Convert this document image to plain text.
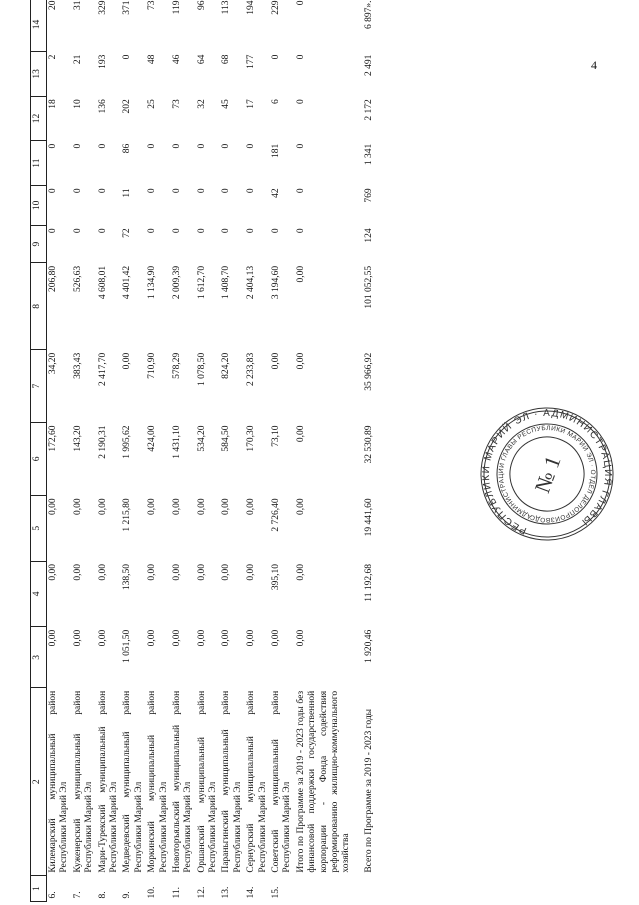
4
1	2	3	4	5	6	7	8	9	10	11	12	13	14
6.	Килемарский муниципальный район Республики Марий Эл	0,00	0,00	0,00	172,60	34,20	206,80	0	0	0	18	2	20
7.	Куженерский муниципальный район Республики Марий Эл	0,00	0,00	0,00	143,20	383,43	526,63	0	0	0	10	21	31
8.	Мари-Турекский муниципальный район Республики Марий Эл	0,00	0,00	0,00	2 190,31	2 417,70	4 608,01	0	0	0	136	193	329
9.	Медведевский муниципальный район Республики Марий Эл	1 051,50	138,50	1 215,80	1 995,62	0,00	4 401,42	72	11	86	202	0	371
10.	Моркинский муниципальный район Республики Марий Эл	0,00	0,00	0,00	424,00	710,90	1 134,90	0	0	0	25	48	73
11.	Новоторъяльский муниципальный район Республики Марий Эл	0,00	0,00	0,00	1 431,10	578,29	2 009,39	0	0	0	73	46	119
12.	Оршанский муниципальный район Республики Марий Эл	0,00	0,00	0,00	534,20	1 078,50	1 612,70	0	0	0	32	64	96
13.	Параньгинский муниципальный район Республики Марий Эл	0,00	0,00	0,00	584,50	824,20	1 408,70	0	0	0	45	68	113
14.	Сернурский муниципальный район Республики Марий Эл	0,00	0,00	0,00	170,30	2 233,83	2 404,13	0	0	0	17	177	194
15.	Советский муниципальный район Республики Марий Эл	0,00	395,10	2 726,40	73,10	0,00	3 194,60	0	42	181	6	0	229
	Итого по Программе за 2019 - 2023 годы без финансовой поддержки государственной корпорации - Фонда содействия реформированию жилищно-коммунального хозяйства	0,00	0,00	0,00	0,00	0,00	0,00	0	0	0	0	0	0
	Всего по Программе за 2019 - 2023 годы	1 920,46	11 192,68	19 441,60	32 530,89	35 966,92	101 052,55	124	769	1 341	2 172	2 491	6 897».
РЕСПУБЛИКИ МАРИЙ ЭЛ · АДМИНИСТРАЦИЯ ГЛАВЫ
АДМИНИСТРАЦИИ ГЛАВЫ РЕСПУБЛИКИ МАРИЙ ЭЛ · ОТДЕЛ ДЕЛОПРОИЗВОДСТВА
№ 1
